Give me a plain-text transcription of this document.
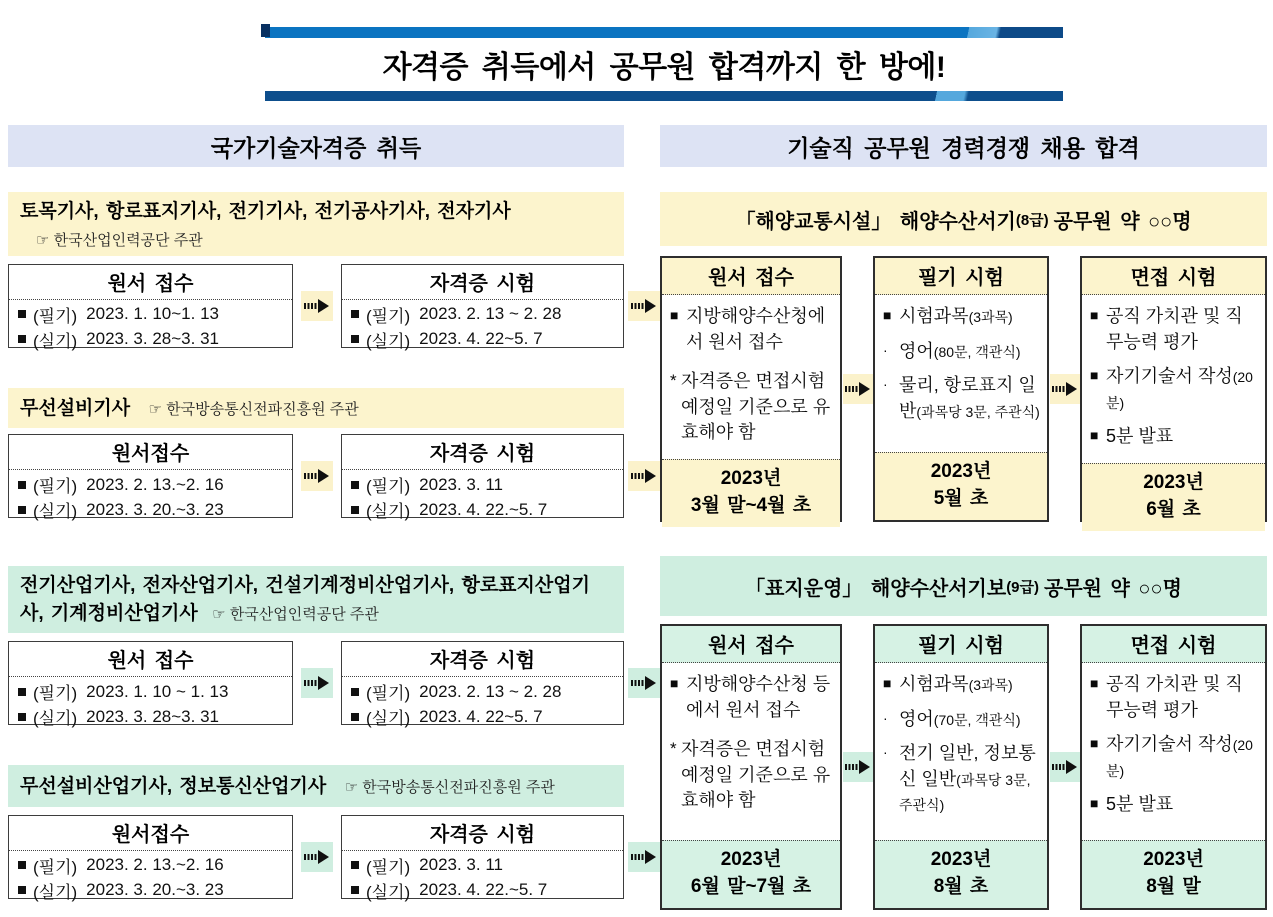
자격증 취득에서 공무원 합격까지 한 방에!
국가기술자격증 취득
토목기사, 항로표지기사, 전기기사, 전기공사기사, 전자기사
☞ 한국산업인력공단 주관
원서 접수
(필기) 2023. 1. 10~1. 13
(실기) 2023. 3. 28~3. 31
자격증 시험
(필기) 2023. 2. 13 ~ 2. 28
(실기) 2023. 4. 22~5. 7
무선설비기사 ☞ 한국방송통신전파진흥원 주관
원서접수
(필기) 2023. 2. 13.~2. 16
(실기) 2023. 3. 20.~3. 23
자격증 시험
(필기) 2023. 3. 11
(실기) 2023. 4. 22.~5. 7
전기산업기사, 전자산업기사, 건설기계정비산업기사, 항로표지산업기사, 기계정비산업기사 ☞ 한국산업인력공단 주관
원서 접수
(필기) 2023. 1. 10 ~ 1. 13
(실기) 2023. 3. 28~3. 31
자격증 시험
(필기) 2023. 2. 13 ~ 2. 28
(실기) 2023. 4. 22~5. 7
무선설비산업기사, 정보통신산업기사 ☞ 한국방송통신전파진흥원 주관
원서접수
(필기) 2023. 2. 13.~2. 16
(실기) 2023. 3. 20.~3. 23
자격증 시험
(필기) 2023. 3. 11
(실기) 2023. 4. 22.~5. 7
기술직 공무원 경력경쟁 채용 합격
「해양교통시설」 해양수산서기 (8급) 공무원 약 ○○명
원서 접수
■ 지방해양수산청에서 원서 접수
* 자격증은 면접시험 예정일 기준으로 유효해야 함
2023년
3월 말~4월 초
필기 시험
■ 시험과목(3과목)
· 영어(80문, 객관식)
· 물리, 항로표지 일반(과목당 3문, 주관식)
2023년
5월 초
면접 시험
■ 공직 가치관 및 직무능력 평가
■ 자기기술서 작성(20분)
■ 5분 발표
2023년
6월 초
「표지운영」 해양수산서기보 (9급) 공무원 약 ○○명
원서 접수
■ 지방해양수산청 등에서 원서 접수
* 자격증은 면접시험 예정일 기준으로 유효해야 함
2023년
6월 말~7월 초
필기 시험
■ 시험과목(3과목)
· 영어(70문, 객관식)
· 전기 일반, 정보통신 일반(과목당 3문, 주관식)
2023년
8월 초
면접 시험
■ 공직 가치관 및 직무능력 평가
■ 자기기술서 작성(20분)
■ 5분 발표
2023년
8월 말
